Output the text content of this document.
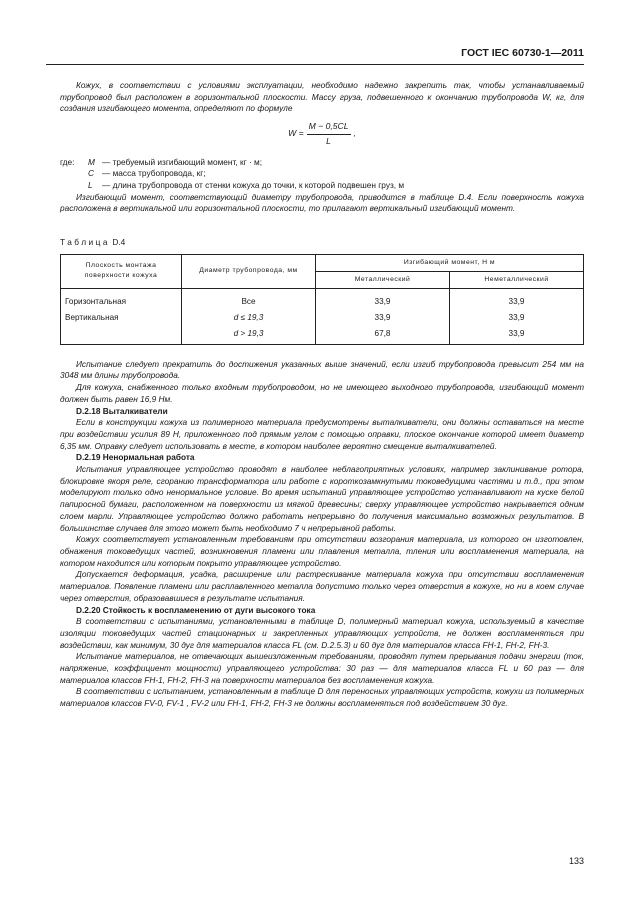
ГОСТ IEC 60730-1—2011

Кожух, в соответствии с условиями эксплуатации, необходимо надежно закрепить так, чтобы устанавливаемый трубопровод был расположен в горизонтальной плоскости. Массу груза, подвешенного к окончанию трубопровода W, кг, для создания изгибающего момента, определяют по формуле

$W = \frac{M - 0,5CL}{L}$ ,
где:	M — требуемый изгибающий момент, кг · м;
C — масса трубопровода, кг;
L	— длина трубопровода от стенки кожуха до точки, к которой подвешен груз, м

Изгибающий момент, соответствующий диаметру трубопровода, приводится в таблице D.4. Если поверхность кожуха расположена в вертикальной или горизонтальной плоскости, то прилагают вертикальный изгибающий момент.

Таблица D.4
Плоскость монтажа поверхности кожуха	Диаметр трубопровода, мм	Изгибающий момент, Н м	
		Металлический	Неметаллический
Горизонтальная	Все	33,9	33,9
Вертикальная	d ≤ 19,3	33,9	33,9
	d > 19,3	67,8	33,9

Испытание следует прекратить до достижения указанных выше значений, если изгиб трубопровода превысит 254 мм на 3048 мм длины трубопровода.

Для кожуха, снабженного только входным трубопроводом, но не имеющего выходного трубопровода, изгибающий момент должен быть равен 16,9 Нм.

D.2.18 Выталкиватели

Если в конструкции кожуха из полимерного материала предусмотрены выталкиватели, они должны оставаться на месте при воздействии усилия 89 Н, приложенного под прямым углом с помощью оправки, плоское окончание которой имеет диаметр 6,35 мм. Оправку следует использовать в месте, в котором наиболее вероятно смещение выталкивателей.

D.2.19 Ненормальная работа

Испытания управляющее устройство проводят в наиболее неблагоприятных условиях, например заклинивание ротора, блокировке якоря реле, сгоранию трансформатора или работе с короткозамкнутыми токоведущими частями и т.д., при этом моделируют только одно ненормальное условие. Во время испытаний управляющее устройство устанавливают на куске белой папиросной бумаги, расположенном на поверхности из мягкой древесины; сверху управляющее устройство накрывается одним слоем марли. Управляющее устройство должно работать непрерывно до получения максимально возможных результатов. В большинстве случаев для этого может быть необходимо 7 ч непрерывной работы.

Кожух соответствует установленным требованиям при отсутствии возгорания материала, из которого он изготовлен, обнажения токоведущих частей, возникновения пламени или плавления металла, тления или воспламенения материала, на котором находится или которым покрыто управляющее устройство.

Допускается деформация, усадка, расширение или растрескивание материала кожуха при отсутствии воспламенения материалов. Появление пламени или расплавленного металла допустимо только через отверстия в кожухе, но ни в коем случае через отверстия, образовавшиеся в результате испытания.

D.2.20 Стойкость к воспламенению от дуги высокого тока

В соответствии с испытаниями, установленными в таблице D, полимерный материал кожуха, используемый в качестве изоляции токоведущих частей стационарных и закрепленных управляющих устройств, не должен воспламеняться при воздействии, как минимум, 30 дуг для материалов класса FL (см. D.2.5.3) и 60 дуг для материалов класса FH-1, FH-2, FH-3.

Испытание материалов, не отвечающих вышеизложенным требованиям, проводят путем прерывания подачи энергии (ток, напряжение, коэффициент мощности) управляющего устройства: 30 раз — для материалов класса FL и 60 раз — для материалов классов FH-1, FH-2, FH-3 на поверхности материалов без воспламенения кожуха.

В соответствии с испытанием, установленным в таблице D для переносных управляющих устройств, кожухи из полимерных материалов классов FV-0, FV-1 , FV-2 или FH-1, FH-2, FH-3 не должны воспламеняться под воздействием 30 дуг.

133
